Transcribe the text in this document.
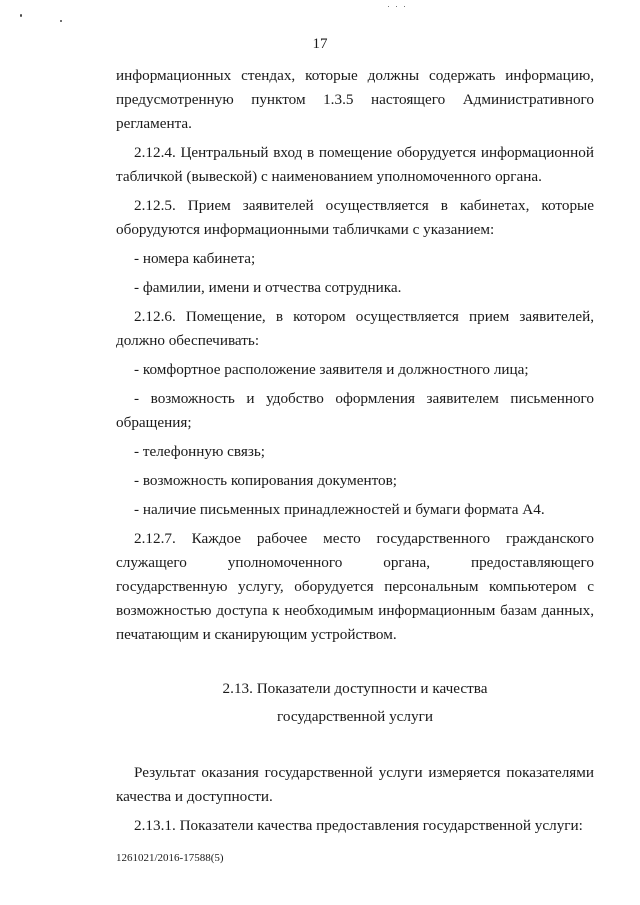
17

информационных стендах, которые должны содержать информацию, предусмотренную пунктом 1.3.5 настоящего Административного регламента.

2.12.4. Центральный вход в помещение оборудуется информационной табличкой (вывеской) с наименованием уполномоченного органа.

2.12.5. Прием заявителей осуществляется в кабинетах, которые оборудуются информационными табличками с указанием:

- номера кабинета;

- фамилии, имени и отчества сотрудника.

2.12.6. Помещение, в котором осуществляется прием заявителей, должно обеспечивать:

- комфортное расположение заявителя и должностного лица;

- возможность и удобство оформления заявителем письменного обращения;

- телефонную связь;

- возможность копирования документов;

- наличие письменных принадлежностей и бумаги формата А4.

2.12.7. Каждое рабочее место государственного гражданского служащего уполномоченного органа, предоставляющего государственную услугу, оборудуется персональным компьютером с возможностью доступа к необходимым информационным базам данных, печатающим и сканирующим устройством.

2.13. Показатели доступности и качества

государственной услуги

Результат оказания государственной услуги измеряется показателями качества и доступности.

2.13.1. Показатели качества предоставления государственной услуги:

1261021/2016-17588(5)
